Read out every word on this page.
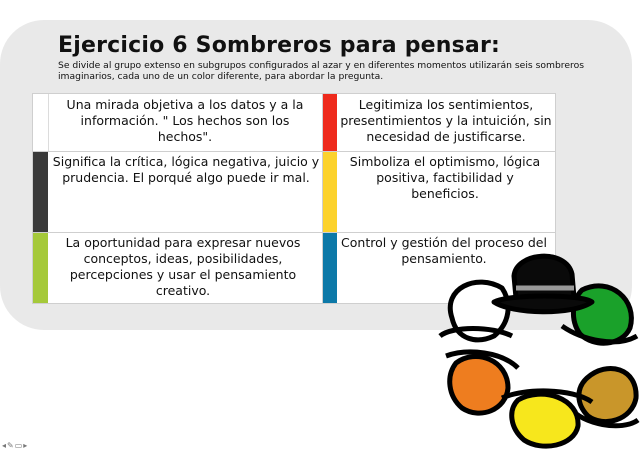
Ejercicio 6 Sombreros para pensar:

Se divide al grupo extenso en subgrupos configurados al azar y en diferentes momentos utilizarán seis sombreros imaginarios, cada uno de un color diferente, para abordar la pregunta.

Una mirada objetiva a los datos y a la información. " Los hechos son los hechos".
Legitimiza los sentimientos, presentimientos y la intuición, sin necesidad de justificarse.
Significa la crítica, lógica negativa, juicio y prudencia. El porqué algo puede ir mal.
Simboliza el optimismo, lógica positiva, factibilidad y beneficios.
La oportunidad para expresar nuevos conceptos, ideas, posibilidades, percepciones y usar el pensamiento creativo.
Control y gestión del proceso del pensamiento.
◂✎▭▸
